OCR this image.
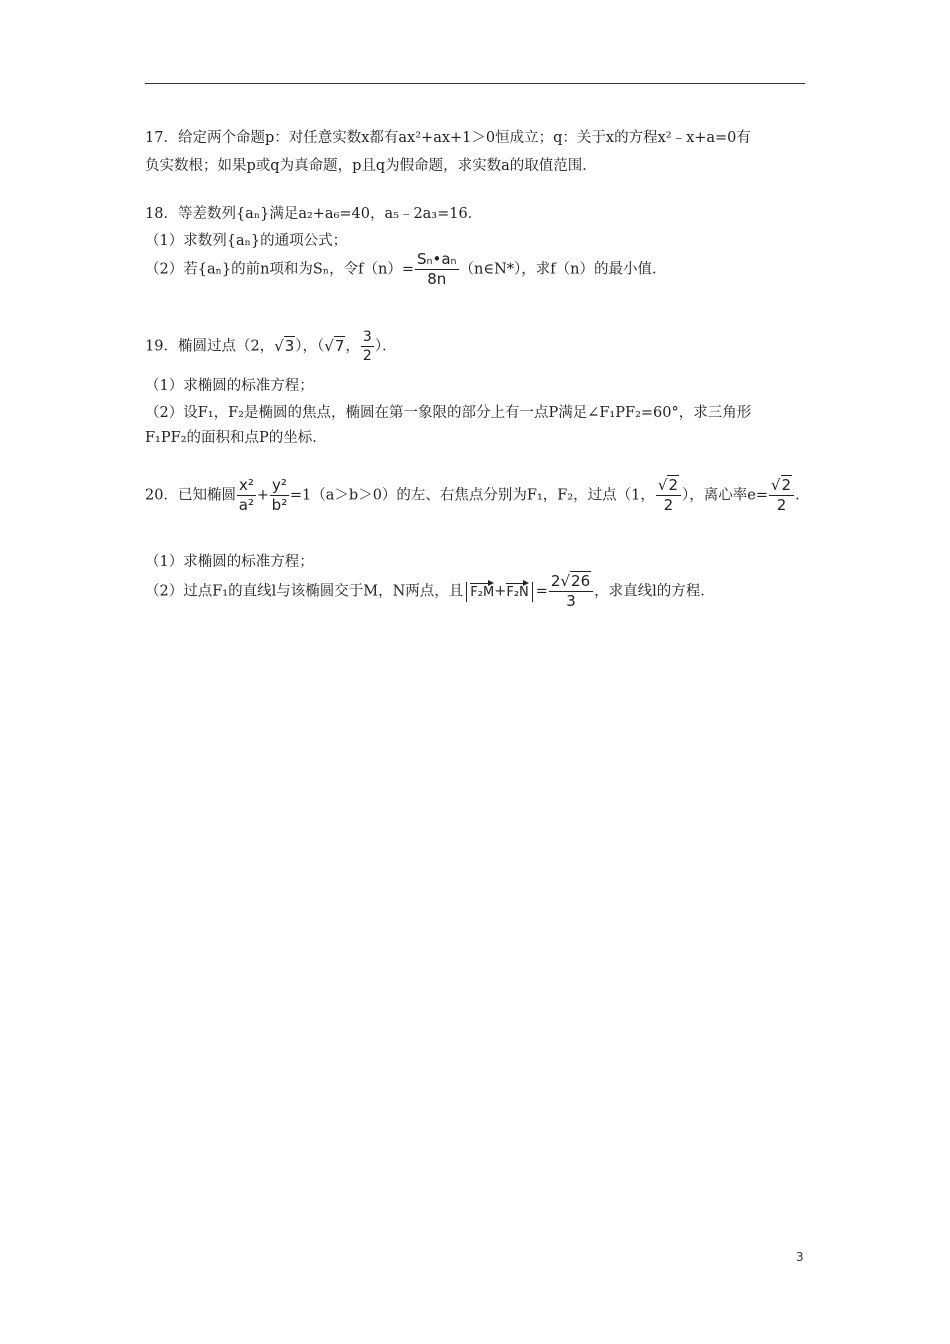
17．给定两个命题p：对任意实数x都有ax²+ax+1＞0恒成立；q：关于x的方程x²﹣x+a=0有
负实数根；如果p或q为真命题，p且q为假命题，求实数a的取值范围．
18．等差数列{aₙ}满足a₂+a₆=40，a₅﹣2a₃=16．
（1）求数列{aₙ}的通项公式；
（2）若{aₙ}的前n项和为Sₙ，令$f(n)= \frac{\text{Sₙ•aₙ}}{8n}$ （n∈N*），求f（n）的最小值．
19．椭圆过点（2，√3），（√7， $\frac{3}{2}$ ）．
（1）求椭圆的标准方程；
（2）设F₁，F₂是椭圆的焦点，椭圆在第一象限的部分上有一点P满足∠F₁PF₂=60°，求三角形
F₁PF₂的面积和点P的坐标．
20．已知椭圆 $\frac{\text{x²}}{\text{a²}} + \frac{\text{y²}}{\text{b²}} =1(a>b>0)$的左、右焦点分别为F₁，F₂，过点（1， $\frac{√2}{2}$ ），离心率$e= \frac{√2}{2}$ .
（1）求椭圆的标准方程；
（2）过点F₁的直线l与该椭圆交于M，N两点，且 $F_2M+F_2N = \frac{2√26}{3}$ ，求直线l的方程．
3
